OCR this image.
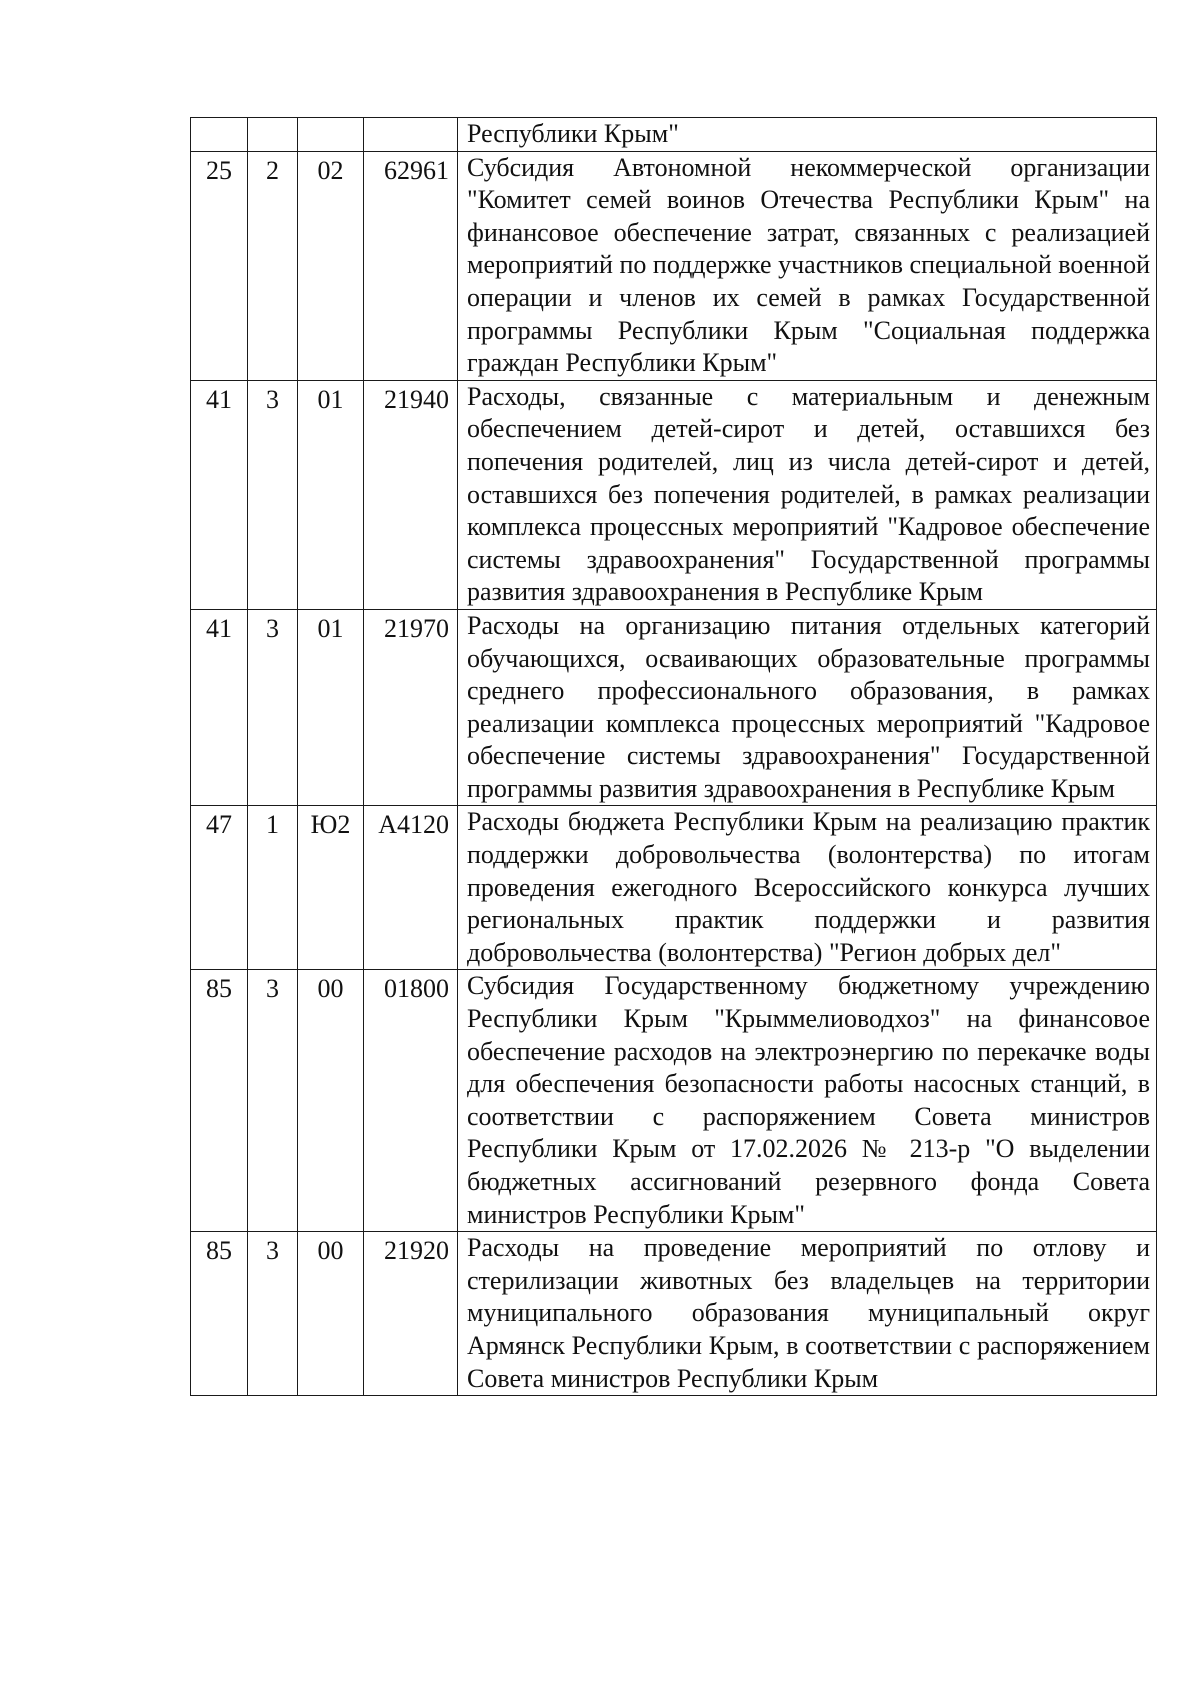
				Республики Крым"

25	2	02	62961	Субсидия Автономной некоммерческой организации "Комитет семей воинов Отечества Республики Крым" на финансовое обеспечение затрат, связанных с реализацией мероприятий по поддержке участников специальной военной операции и членов их семей в рамках Государственной программы Республики Крым "Социальная поддержка граждан Республики Крым"

41	3	01	21940	Расходы, связанные с материальным и денежным обеспечением детей-сирот и детей, оставшихся без попечения родителей, лиц из числа детей-сирот и детей, оставшихся без попечения родителей, в рамках реализации комплекса процессных мероприятий "Кадровое обеспечение системы здравоохранения" Государственной программы развития здравоохранения в Республике Крым

41	3	01	21970	Расходы на организацию питания отдельных категорий обучающихся, осваивающих образовательные программы среднего профессионального образования, в рамках реализации комплекса процессных мероприятий "Кадровое обеспечение системы здравоохранения" Государственной программы развития здравоохранения в Республике Крым

47	1	Ю2	А4120	Расходы бюджета Республики Крым на реализацию практик поддержки добровольчества (волонтерства) по итогам проведения ежегодного Всероссийского конкурса лучших региональных практик поддержки и развития добровольчества (волонтерства) "Регион добрых дел"

85	3	00	01800	Субсидия Государственному бюджетному учреждению Республики Крым "Крыммелиоводхоз" на финансовое обеспечение расходов на электроэнергию по перекачке воды для обеспечения безопасности работы насосных станций, в соответствии с распоряжением Совета министров Республики Крым от 17.02.2026 № 213-р "О выделении бюджетных ассигнований резервного фонда Совета министров Республики Крым"

85	3	00	21920	Расходы на проведение мероприятий по отлову и стерилизации животных без владельцев на территории муниципального образования муниципальный округ Армянск Республики Крым, в соответствии с распоряжением Совета министров Республики Крым
